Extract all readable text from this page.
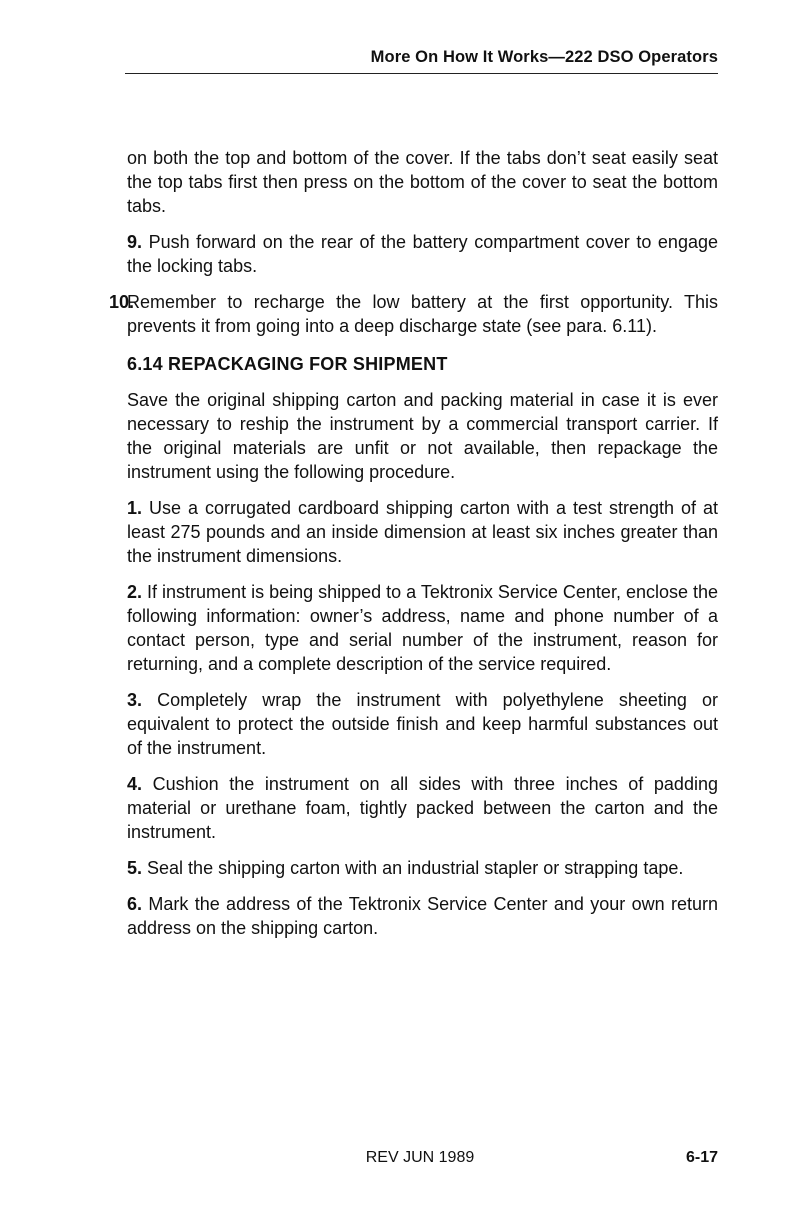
More On How It Works—222 DSO Operators

on both the top and bottom of the cover. If the tabs don’t seat easily seat the top tabs first then press on the bottom of the cover to seat the bottom tabs.

9. Push forward on the rear of the battery compartment cover to engage the locking tabs.

10.
Remember to recharge the low battery at the first opportunity. This prevents it from going into a deep discharge state (see para. 6.11).

6.14 REPACKAGING FOR SHIPMENT

Save the original shipping carton and packing material in case it is ever necessary to reship the instrument by a commercial transport carrier. If the original materials are unfit or not available, then repackage the instrument using the following procedure.

1. Use a corrugated cardboard shipping carton with a test strength of at least 275 pounds and an inside dimension at least six inches greater than the instrument dimensions.

2. If instrument is being shipped to a Tektronix Service Center, enclose the following information: owner’s address, name and phone number of a contact person, type and serial number of the instrument, reason for returning, and a complete description of the service required.

3. Completely wrap the instrument with polyethylene sheeting or equivalent to protect the outside finish and keep harmful substances out of the instrument.

4. Cushion the instrument on all sides with three inches of padding material or urethane foam, tightly packed between the carton and the instrument.

5. Seal the shipping carton with an industrial stapler or strapping tape.

6. Mark the address of the Tektronix Service Center and your own return address on the shipping carton.

REV JUN 1989	6-17
